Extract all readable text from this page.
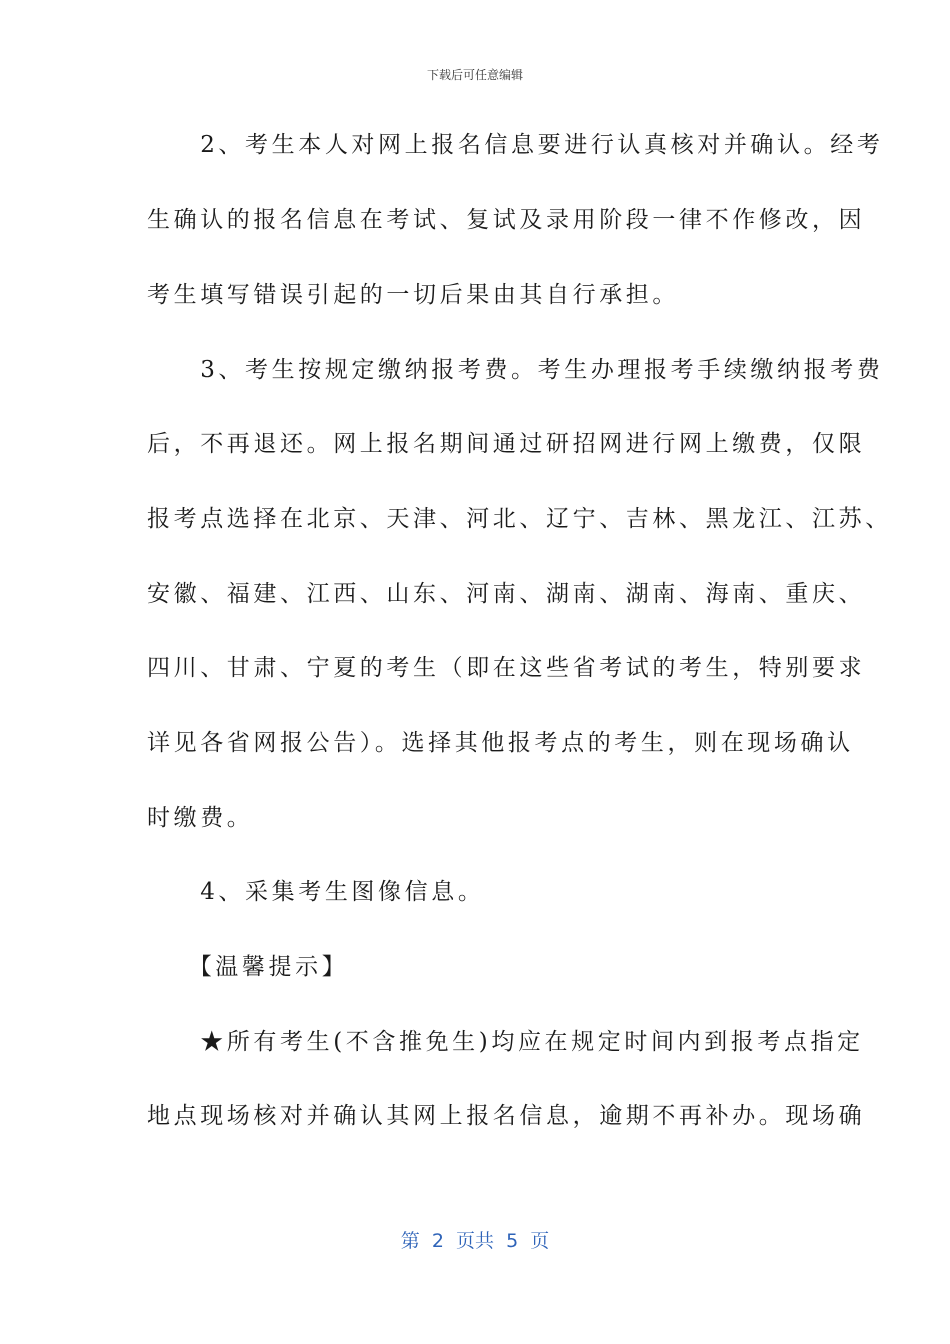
下载后可任意编辑
　　2、考生本人对网上报名信息要进行认真核对并确认。经考
生确认的报名信息在考试、复试及录用阶段一律不作修改，因
考生填写错误引起的一切后果由其自行承担。
　　3、考生按规定缴纳报考费。考生办理报考手续缴纳报考费
后，不再退还。网上报名期间通过研招网进行网上缴费，仅限
报考点选择在北京、天津、河北、辽宁、吉林、黑龙江、江苏、
安徽、福建、江西、山东、河南、湖南、湖南、海南、重庆、
四川、甘肃、宁夏的考生（即在这些省考试的考生，特别要求
详见各省网报公告）。选择其他报考点的考生，则在现场确认
时缴费。
　　4、采集考生图像信息。
　　【温馨提示】
　　★所有考生(不含推免生)均应在规定时间内到报考点指定
地点现场核对并确认其网上报名信息，逾期不再补办。现场确
第  2  页共  5  页
